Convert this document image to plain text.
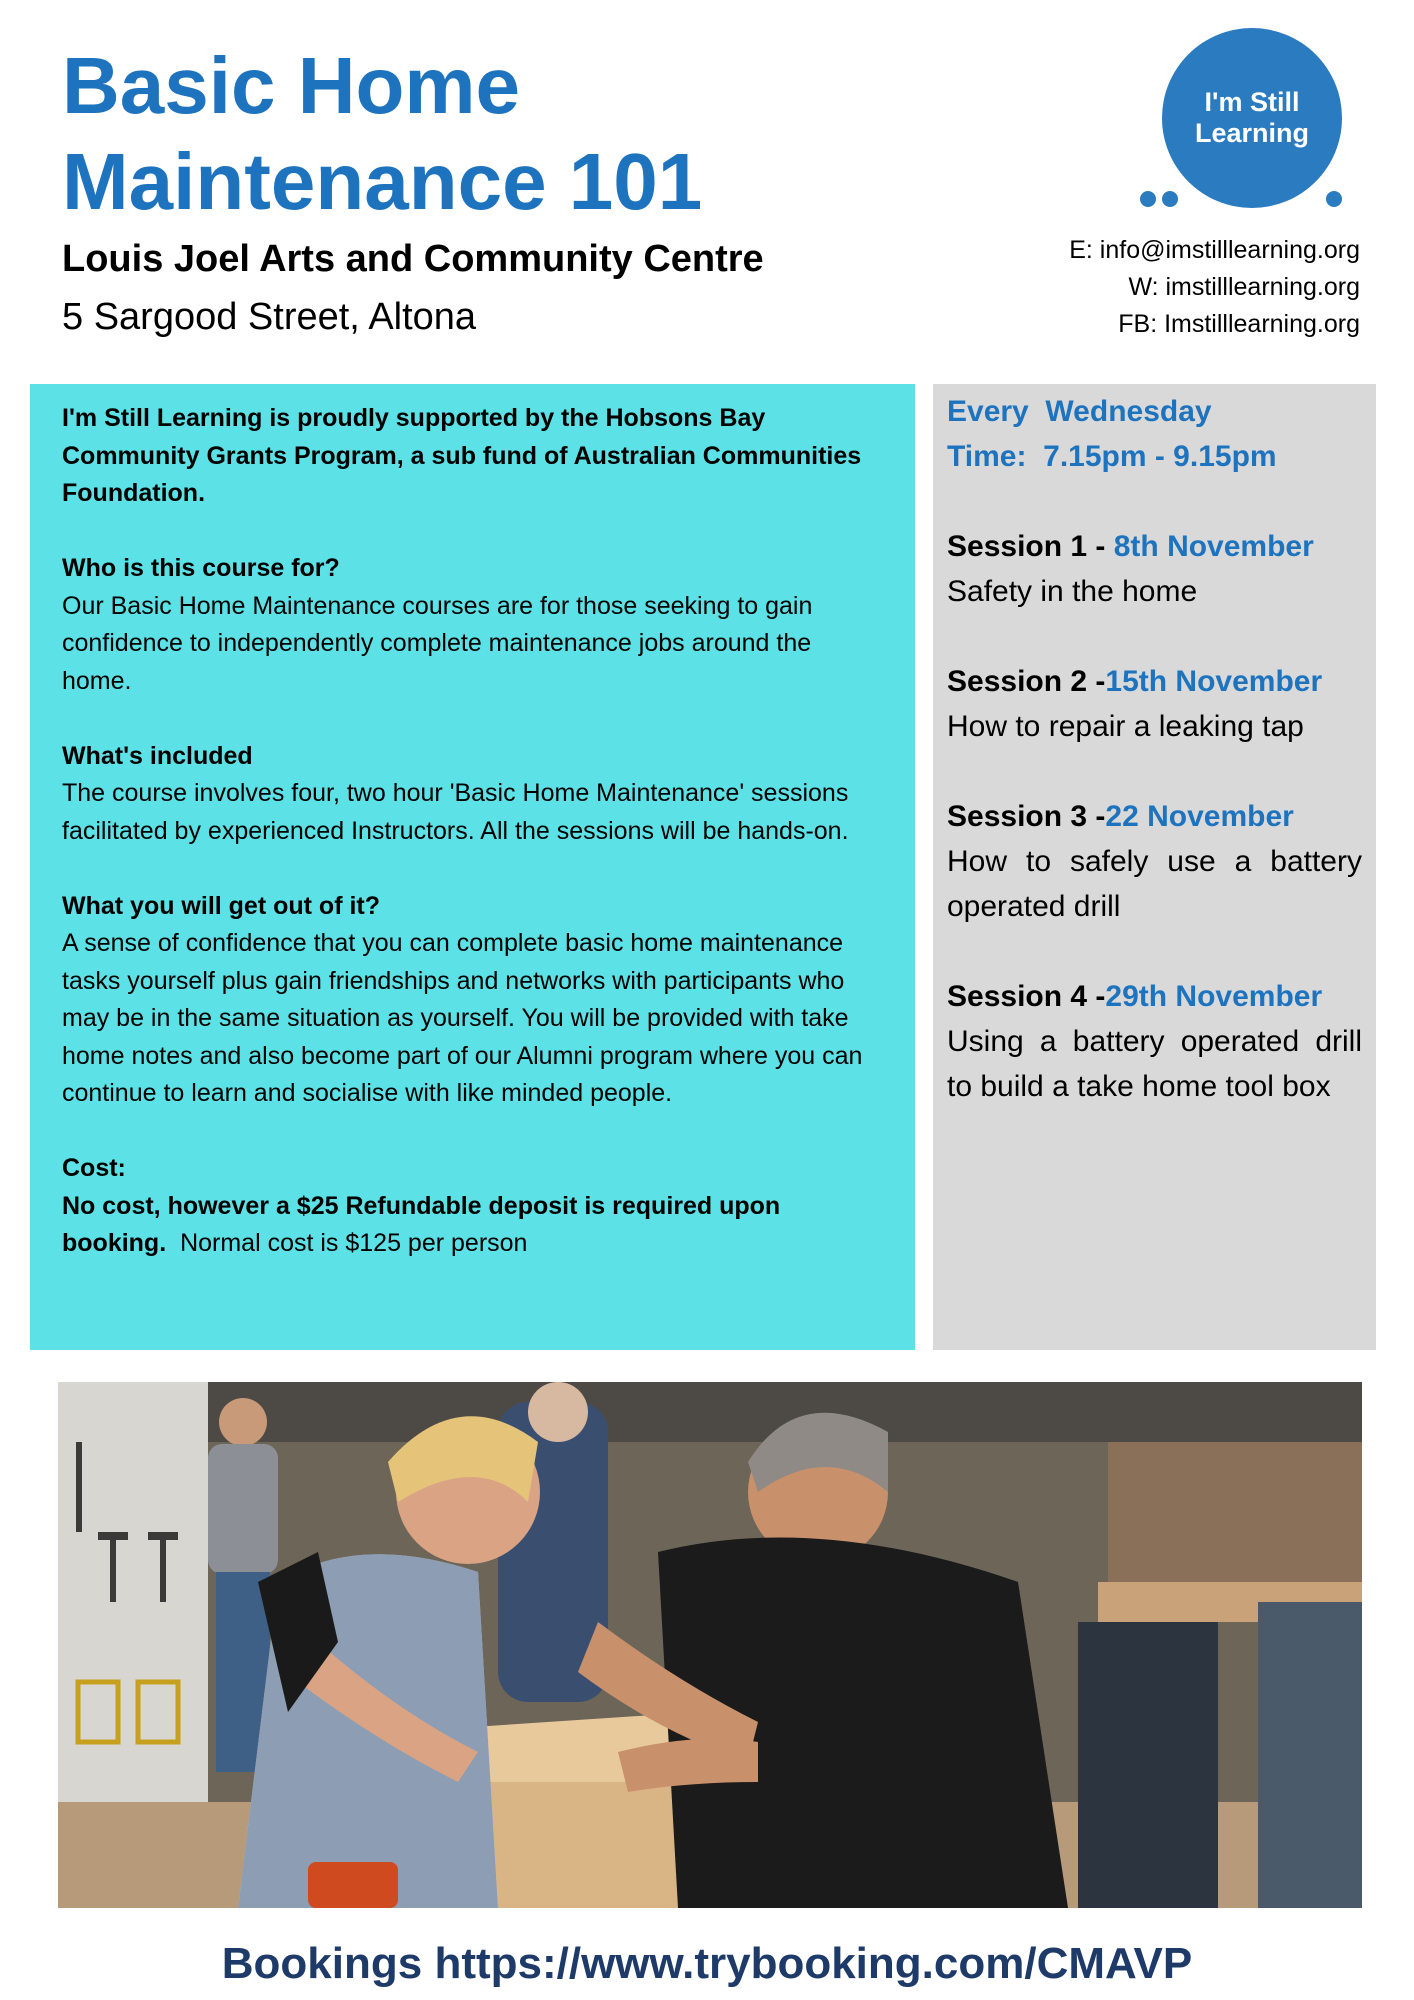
Basic Home
Maintenance 101
Louis Joel Arts and Community Centre
5 Sargood Street, Altona
I'm Still
Learning
E: info@imstilllearning.org
W: imstilllearning.org
FB: Imstilllearning.org

I'm Still Learning is proudly supported by the Hobsons Bay Community Grants Program, a sub fund of Australian Communities Foundation.

Who is this course for?

Our Basic Home Maintenance courses are for those seeking to gain confidence to independently complete maintenance jobs around the home.

What's included

The course involves four, two hour 'Basic Home Maintenance' sessions facilitated by experienced Instructors. All the sessions will be hands-on.

What you will get out of it?

A sense of confidence that you can complete basic home maintenance tasks yourself plus gain friendships and networks with participants who may be in the same situation as yourself. You will be provided with take home notes and also become part of our Alumni program where you can continue to learn and socialise with like minded people.

Cost:

No cost, however a $25 Refundable deposit is required upon booking. Normal cost is $125 per person

Every  Wednesday
Time:  7.15pm - 9.15pm
Session 1 - 8th November
Safety in the home
Session 2 -15th November
How to repair a leaking tap
Session 3 -22 November
How to safely use a battery operated drill
Session 4 -29th November
Using a battery operated drill to build a take home tool box
Bookings https://www.trybooking.com/CMAVP
